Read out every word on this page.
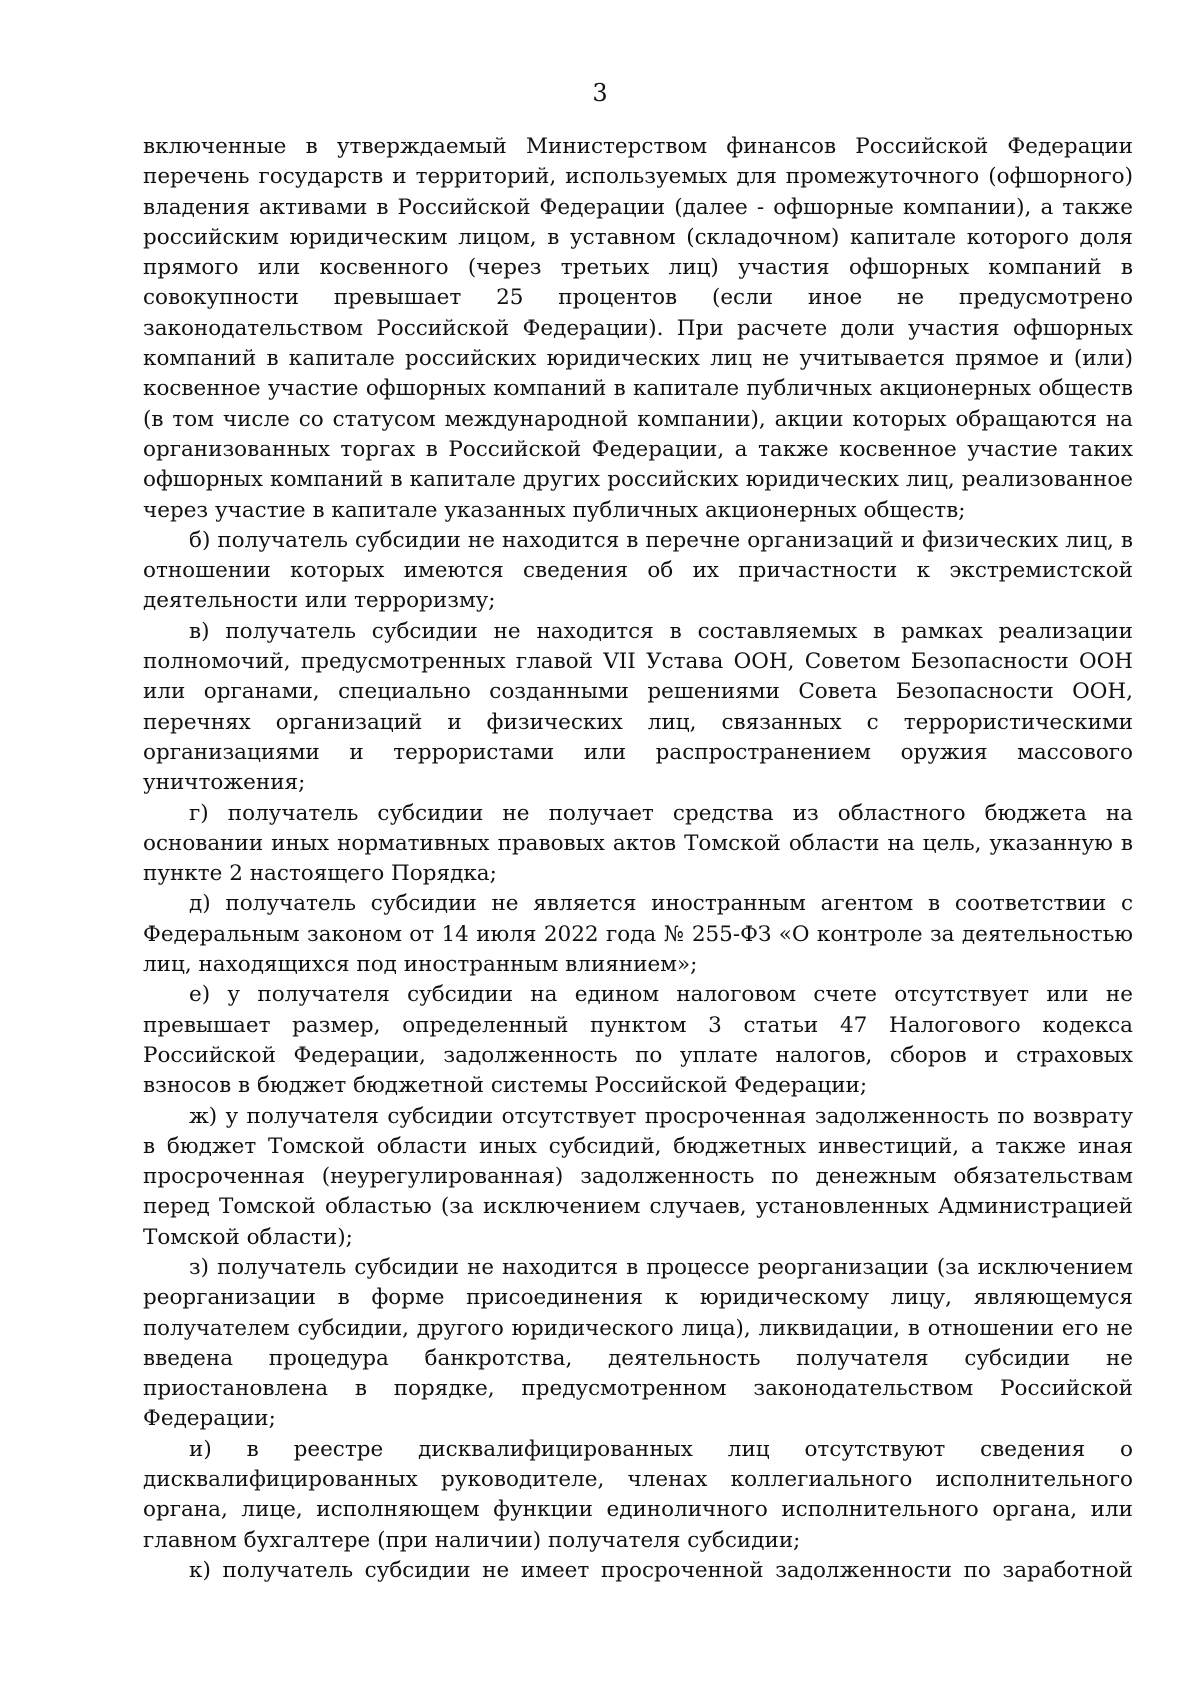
3
включенные в утверждаемый Министерством финансов Российской Федерации
перечень государств и территорий, используемых для промежуточного (офшорного)
владения активами в Российской Федерации (далее - офшорные компании), а также
российским юридическим лицом, в уставном (складочном) капитале которого доля
прямого или косвенного (через третьих лиц) участия офшорных компаний в
совокупности превышает 25 процентов (если иное не предусмотрено
законодательством Российской Федерации). При расчете доли участия офшорных
компаний в капитале российских юридических лиц не учитывается прямое и (или)
косвенное участие офшорных компаний в капитале публичных акционерных обществ
(в том числе со статусом международной компании), акции которых обращаются на
организованных торгах в Российской Федерации, а также косвенное участие таких
офшорных компаний в капитале других российских юридических лиц, реализованное
через участие в капитале указанных публичных акционерных обществ;
б) получатель субсидии не находится в перечне организаций и физических лиц, в
отношении которых имеются сведения об их причастности к экстремистской
деятельности или терроризму;
в) получатель субсидии не находится в составляемых в рамках реализации
полномочий, предусмотренных главой VII Устава ООН, Советом Безопасности ООН
или органами, специально созданными решениями Совета Безопасности ООН,
перечнях организаций и физических лиц, связанных с террористическими
организациями и террористами или распространением оружия массового
уничтожения;
г) получатель субсидии не получает средства из областного бюджета на
основании иных нормативных правовых актов Томской области на цель, указанную в
пункте 2 настоящего Порядка;
д) получатель субсидии не является иностранным агентом в соответствии с
Федеральным законом от 14 июля 2022 года № 255-ФЗ «О контроле за деятельностью
лиц, находящихся под иностранным влиянием»;
е) у получателя субсидии на едином налоговом счете отсутствует или не
превышает размер, определенный пунктом 3 статьи 47 Налогового кодекса
Российской Федерации, задолженность по уплате налогов, сборов и страховых
взносов в бюджет бюджетной системы Российской Федерации;
ж) у получателя субсидии отсутствует просроченная задолженность по возврату
в бюджет Томской области иных субсидий, бюджетных инвестиций, а также иная
просроченная (неурегулированная) задолженность по денежным обязательствам
перед Томской областью (за исключением случаев, установленных Администрацией
Томской области);
з) получатель субсидии не находится в процессе реорганизации (за исключением
реорганизации в форме присоединения к юридическому лицу, являющемуся
получателем субсидии, другого юридического лица), ликвидации, в отношении его не
введена процедура банкротства, деятельность получателя субсидии не
приостановлена в порядке, предусмотренном законодательством Российской
Федерации;
и) в реестре дисквалифицированных лиц отсутствуют сведения о
дисквалифицированных руководителе, членах коллегиального исполнительного
органа, лице, исполняющем функции единоличного исполнительного органа, или
главном бухгалтере (при наличии) получателя субсидии;
к) получатель субсидии не имеет просроченной задолженности по заработной
